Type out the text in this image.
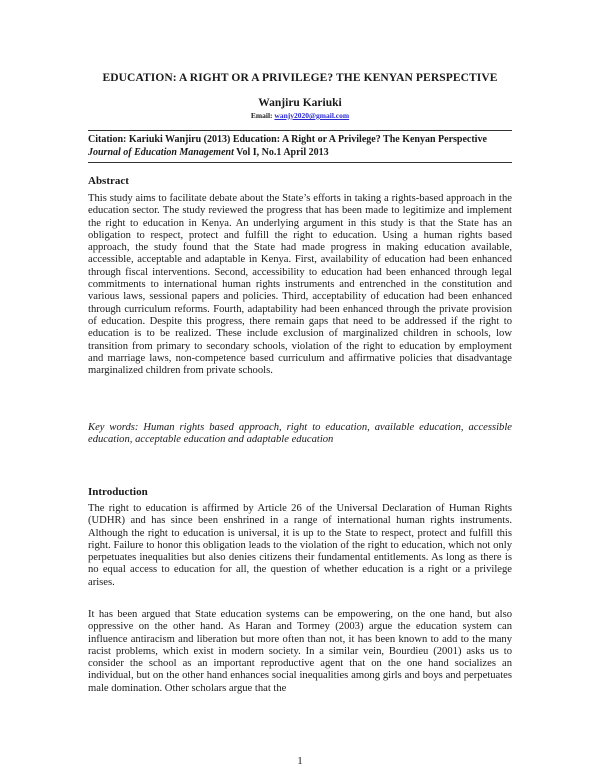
EDUCATION: A RIGHT OR A PRIVILEGE? THE KENYAN PERSPECTIVE
Wanjiru Kariuki
Email: wanjy2020@gmail.com
Citation: Kariuki Wanjiru (2013) Education: A Right or A Privilege? The Kenyan Perspective
Journal of Education Management Vol I, No.1 April 2013
Abstract

This study aims to facilitate debate about the State’s efforts in taking a rights-based approach in the education sector. The study reviewed the progress that has been made to legitimize and implement the right to education in Kenya. An underlying argument in this study is that the State has an obligation to respect, protect and fulfill the right to education. Using a human rights based approach, the study found that the State had made progress in making education available, accessible, acceptable and adaptable in Kenya. First, availability of education had been enhanced through fiscal interventions. Second, accessibility to education had been enhanced through legal commitments to international human rights instruments and entrenched in the constitution and various laws, sessional papers and policies. Third, acceptability of education had been enhanced through curriculum reforms. Fourth, adaptability had been enhanced through the private provision of education. Despite this progress, there remain gaps that need to be addressed if the right to education is to be realized. These include exclusion of marginalized children in schools, low transition from primary to secondary schools, violation of the right to education by employment and marriage laws, non-competence based curriculum and affirmative policies that disadvantage marginalized children from private schools.

Key words: Human rights based approach, right to education, available education, accessible education, acceptable education and adaptable education

Introduction

The right to education is affirmed by Article 26 of the Universal Declaration of Human Rights (UDHR) and has since been enshrined in a range of international human rights instruments. Although the right to education is universal, it is up to the State to respect, protect and fulfill this right. Failure to honor this obligation leads to the violation of the right to education, which not only perpetuates inequalities but also denies citizens their fundamental entitlements. As long as there is no equal access to education for all, the question of whether education is a right or a privilege arises.

It has been argued that State education systems can be empowering, on the one hand, but also oppressive on the other hand. As Haran and Tormey (2003) argue the education system can influence antiracism and liberation but more often than not, it has been known to add to the many racist problems, which exist in modern society. In a similar vein, Bourdieu (2001) asks us to consider the school as an important reproductive agent that on the one hand socializes an individual, but on the other hand enhances social inequalities among girls and boys and perpetuates male domination. Other scholars argue that the

1
